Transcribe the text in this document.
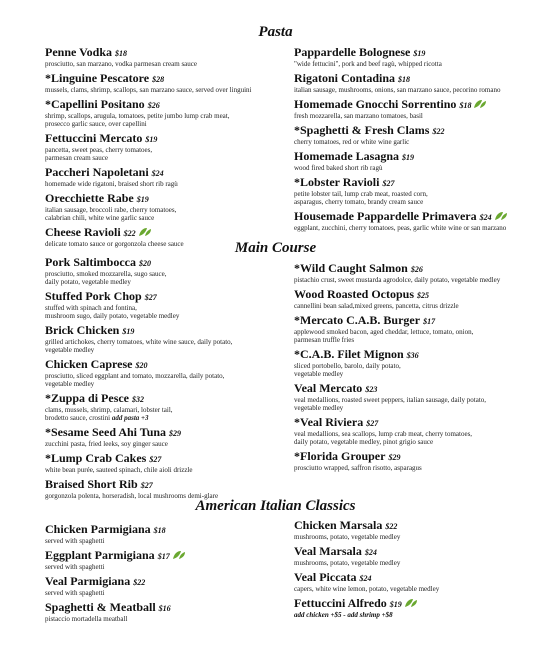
Pasta
Penne Vodka $18
prosciutto, san marzano, vodka parmesan cream sauce
*Linguine Pescatore $28
mussels, clams, shrimp, scallops, san marzano sauce, served over linguini
*Capellini Positano $26
shrimp, scallops, arugula, tomatoes, petite jumbo lump crab meat,
prosecco garlic sauce, over capellini
Fettuccini Mercato $19
pancetta, sweet peas, cherry tomatoes,
parmesan cream sauce
Paccheri Napoletani $24
homemade wide rigatoni, braised short rib ragù
Orecchiette Rabe $19
italian sausage, broccoli rabe, cherry tomatoes,
calabrian chili, white wine garlic sauce
Cheese Ravioli $22
delicate tomato sauce or gorgonzola cheese sauce
Pappardelle Bolognese $19
"wide fettucini", pork and beef ragù, whipped ricotta
Rigatoni Contadina $18
italian sausage, mushrooms, onions, san marzano sauce, pecorino romano
Homemade Gnocchi Sorrentino $18
fresh mozzarella, san marzano tomatoes, basil
*Spaghetti & Fresh Clams $22
cherry tomatoes, red or white wine garlic
Homemade Lasagna $19
wood fired baked short rib ragù
*Lobster Ravioli $27
petite lobster tail, lump crab meat, roasted corn,
asparagus, cherry tomato, brandy cream sauce
Housemade Pappardelle Primavera $24
eggplant, zucchini, cherry tomatoes, peas, garlic white wine or san marzano
Main Course
Pork Saltimbocca $20
prosciutto, smoked mozzarella, sugo sauce,
daily potato, vegetable medley
Stuffed Pork Chop $27
stuffed with spinach and fontina,
mushroom sugo, daily potato, vegetable medley
Brick Chicken $19
grilled artichokes, cherry tomatoes, white wine sauce, daily potato,
vegetable medley
Chicken Caprese $20
prosciutto, sliced eggplant and tomato, mozzarella, daily potato,
vegetable medley
*Zuppa di Pesce $32
clams, mussels, shrimp, calamari, lobster tail,
brodetto sauce, crostini add pasta +3
*Sesame Seed Ahi Tuna $29
zucchini pasta, fried leeks, soy ginger sauce
*Lump Crab Cakes $27
white bean purée, sauteed spinach, chile aioli drizzle
Braised Short Rib $27
gorgonzola polenta, horseradish, local mushrooms demi-glare
*Wild Caught Salmon $26
pistachio crust, sweet mustarda agrodolce, daily potato, vegetable medley
Wood Roasted Octopus $25
cannellini bean salad,mixed greens, pancetta, citrus drizzle
*Mercato C.A.B. Burger $17
applewood smoked bacon, aged cheddar, lettuce, tomato, onion,
parmesan truffle fries
*C.A.B. Filet Mignon $36
sliced portobello, barolo, daily potato,
vegetable medley
Veal Mercato $23
veal medallions, roasted sweet peppers, italian sausage, daily potato,
vegetable medley
*Veal Riviera $27
veal medallions, sea scallops, lump crab meat, cherry tomatoes,
daily potato, vegetable medley, pinot grigio sauce
*Florida Grouper $29
prosciutto wrapped, saffron risotto, asparagus
American Italian Classics
Chicken Parmigiana $18
served with spaghetti
Eggplant Parmigiana $17
served with spaghetti
Veal Parmigiana $22
served with spaghetti
Spaghetti & Meatball $16
pistaccio mortadella meatball
Chicken Marsala $22
mushrooms, potato, vegetable medley
Veal Marsala $24
mushrooms, potato, vegetable medley
Veal Piccata $24
capers, white wine lemon, potato, vegetable medley
Fettuccini Alfredo $19
add chicken +$5 - add shrimp +$8
